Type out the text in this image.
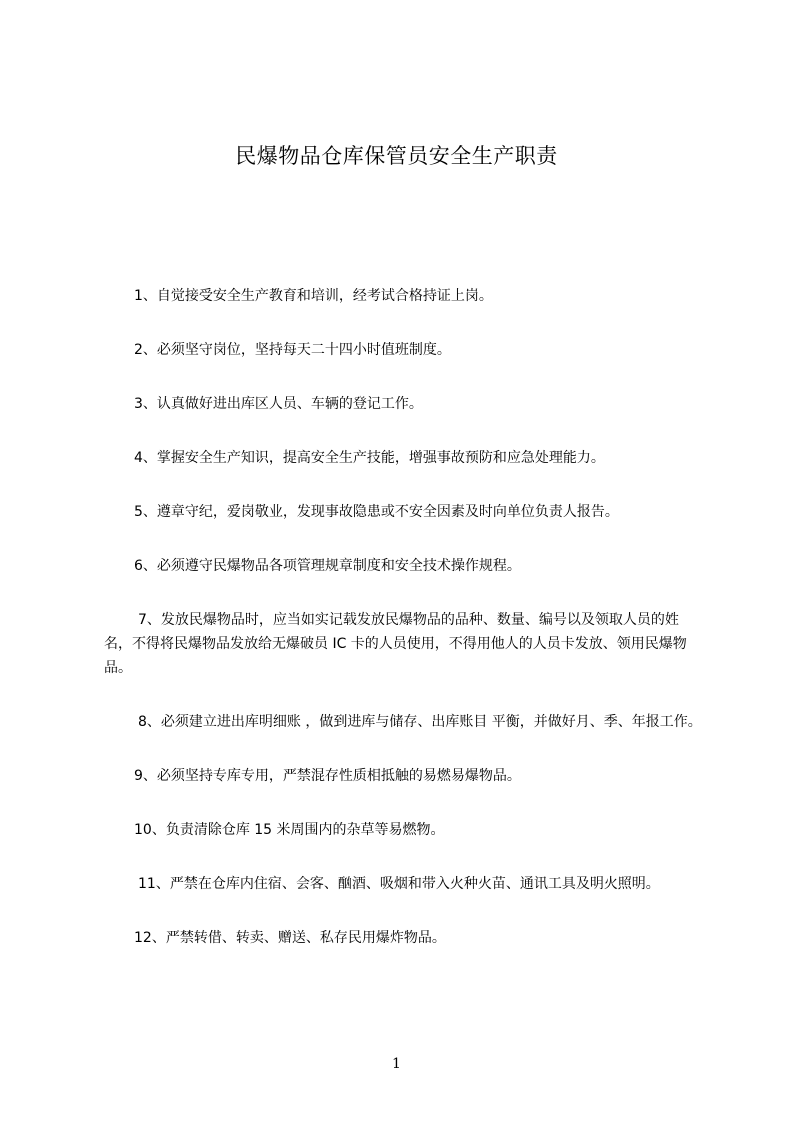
民爆物品仓库保管员安全生产职责

1、自觉接受安全生产教育和培训，经考试合格持证上岗。

2、必须坚守岗位，坚持每天二十四小时值班制度。

3、认真做好进出库区人员、车辆的登记工作。

4、掌握安全生产知识，提高安全生产技能，增强事故预防和应急处理能力。

5、遵章守纪，爱岗敬业，发现事故隐患或不安全因素及时向单位负责人报告。

6、必须遵守民爆物品各项管理规章制度和安全技术操作规程。

7、发放民爆物品时，应当如实记载发放民爆物品的品种、数量、编号以及领取人员的姓名，不得将民爆物品发放给无爆破员 IC 卡的人员使用，不得用他人的人员卡发放、领用民爆物品。

8、必须建立进出库明细账 ，做到进库与储存、出库账目 平衡，并做好月、季、年报工作。

9、必须坚持专库专用，严禁混存性质相抵触的易燃易爆物品。

10、负责清除仓库 15 米周围内的杂草等易燃物。

11、严禁在仓库内住宿、会客、酗酒、吸烟和带入火种火苗、通讯工具及明火照明。

12、严禁转借、转卖、赠送、私存民用爆炸物品。

1
